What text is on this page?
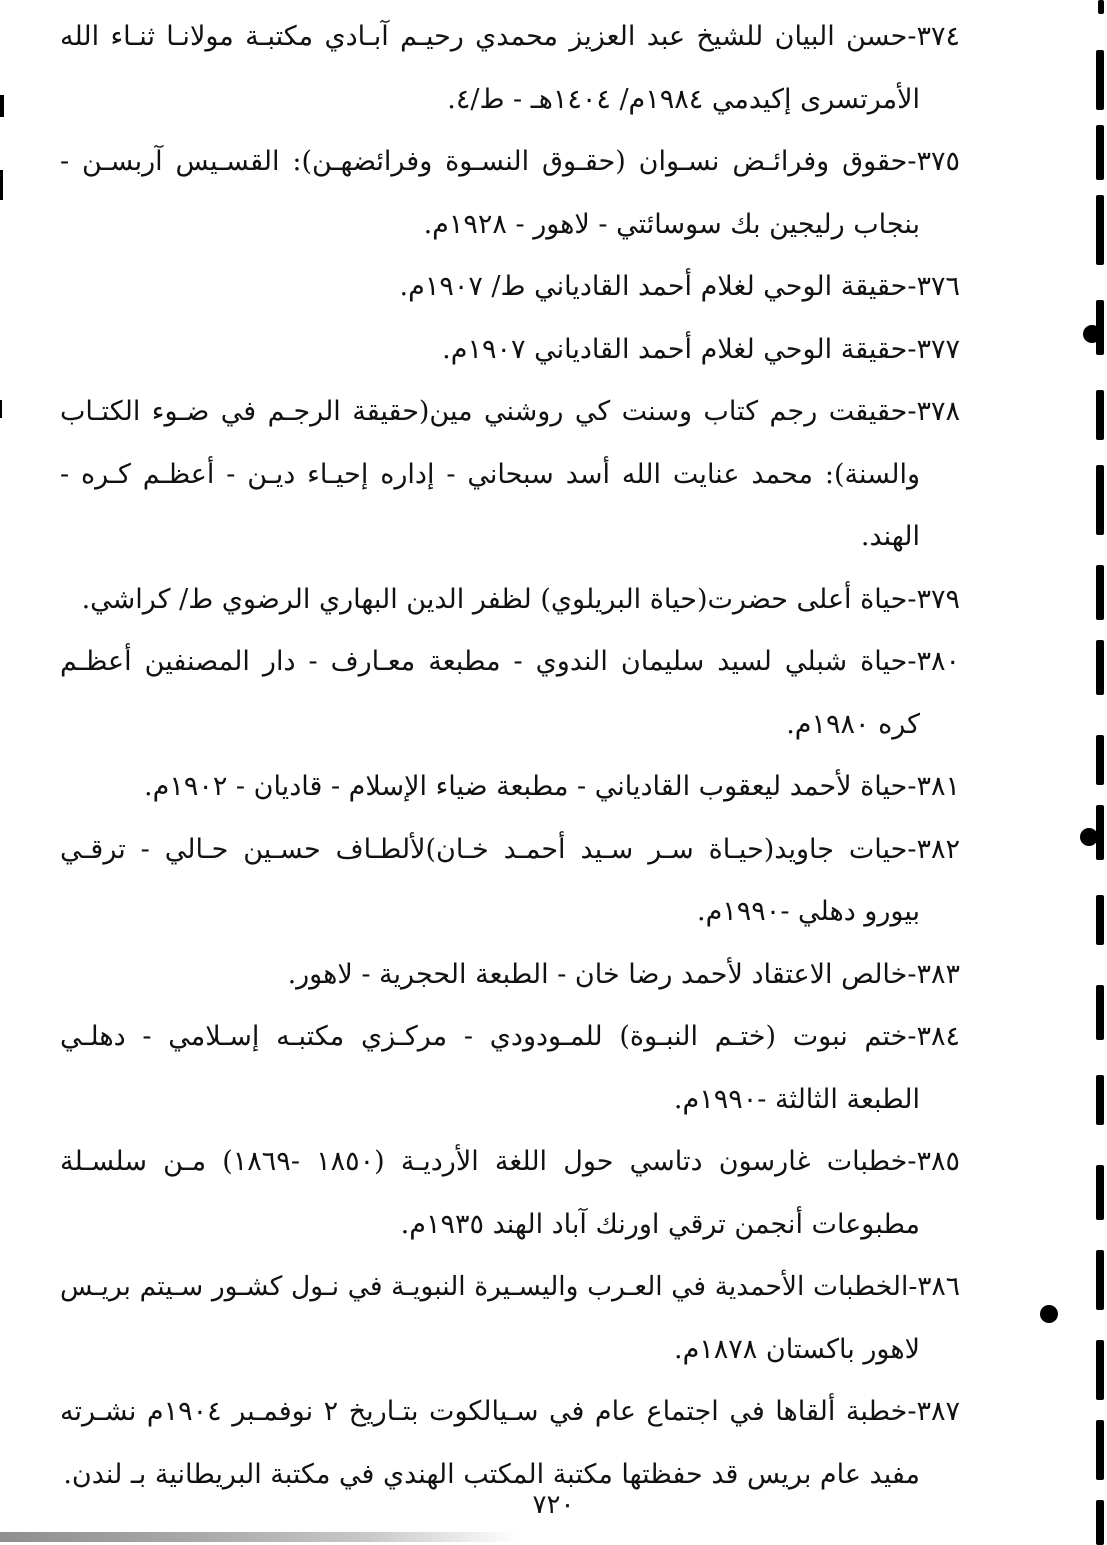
٣٧٤-حسن البيان للشيخ عبد العزيز محمدي رحيـم آبـادي مكتبـة مولانـا ثنـاء الله
الأمرتسرى إكيدمي ١٩٨٤م/ ١٤٠٤هـ - ط/٤.
٣٧٥-حقوق وفرائـض نسـوان (حقـوق النسـوة وفرائضهـن): القسـيس آربسـن -
بنجاب رليجين بك سوسائتي - لاهور - ١٩٢٨م.
٣٧٦-حقيقة الوحي لغلام أحمد القادياني ط/ ١٩٠٧م.
٣٧٧-حقيقة الوحي لغلام أحمد القادياني ١٩٠٧م.
٣٧٨-حقيقت رجم كتاب وسنت كي روشني مين(حقيقة الرجـم في ضـوء الكتـاب
والسنة): محمد عنايت الله أسد سبحاني - إداره إحيـاء ديـن - أعظـم كـره -
الهند.
٣٧٩-حياة أعلى حضرت(حياة البريلوي) لظفر الدين البهاري الرضوي ط/ كراشي.
٣٨٠-حياة شبلي لسيد سليمان الندوي - مطبعة معـارف - دار المصنفين أعظـم
كره ١٩٨٠م.
٣٨١-حياة لأحمد ليعقوب القادياني - مطبعة ضياء الإسلام - قاديان - ١٩٠٢م.
٣٨٢-حيات جاويد(حيـاة سـر سـيد أحمـد خـان)لألطـاف حسـين حـالي - ترقـي
بيورو دهلي -١٩٩٠م.
٣٨٣-خالص الاعتقاد لأحمد رضا خان - الطبعة الحجرية - لاهور.
٣٨٤-ختم نبوت (ختـم النبـوة) للمـودودي - مركـزي مكتبـه إسـلامي - دهلـي
الطبعة الثالثة -١٩٩٠م.
٣٨٥-خطبات غارسون دتاسي حول اللغة الأرديـة (١٨٥٠ -١٨٦٩) مـن سلسـلة
مطبوعات أنجمن ترقي اورنك آباد الهند ١٩٣٥م.
٣٨٦-الخطبات الأحمدية في العـرب واليسـيرة النبويـة في نـول كشـور سـيتم بريـس
لاهور باكستان ١٨٧٨م.
٣٨٧-خطبة ألقاها في اجتماع عام في سـيالكوت بتـاريخ ٢ نوفمـبر ١٩٠٤م نشـرته
مفيد عام بريس قد حفظتها مكتبة المكتب الهندي في مكتبة البريطانية بـ لندن.
٧٢٠
